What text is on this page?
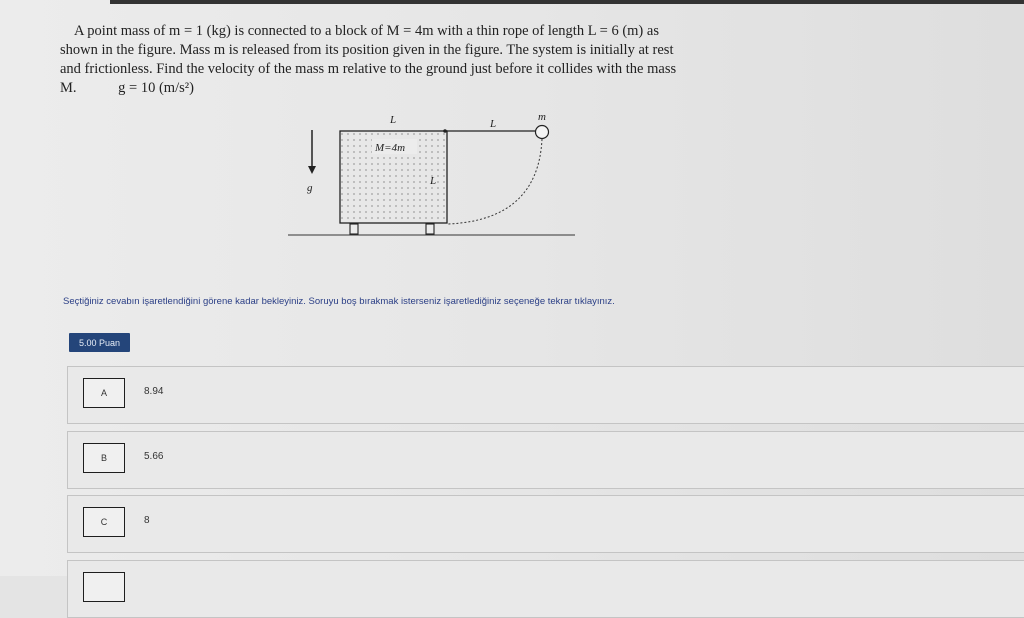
A point mass of m = 1 (kg) is connected to a block of M = 4m with a thin rope of length L = 6 (m) as
shown in the figure. Mass m is released from its position given in the figure. The system is initially at rest
and frictionless. Find the velocity of the mass m relative to the ground just before it collides with the mass
M.	g = 10 (m/s²)
g⃗
M=4m
L	L
m
L
Seçtiğiniz cevabın işaretlendiğini görene kadar bekleyiniz. Soruyu boş bırakmak isterseniz işaretlediğiniz seçeneğe tekrar tıklayınız.
5.00 Puan
A	8.94
B	5.66
C	8
